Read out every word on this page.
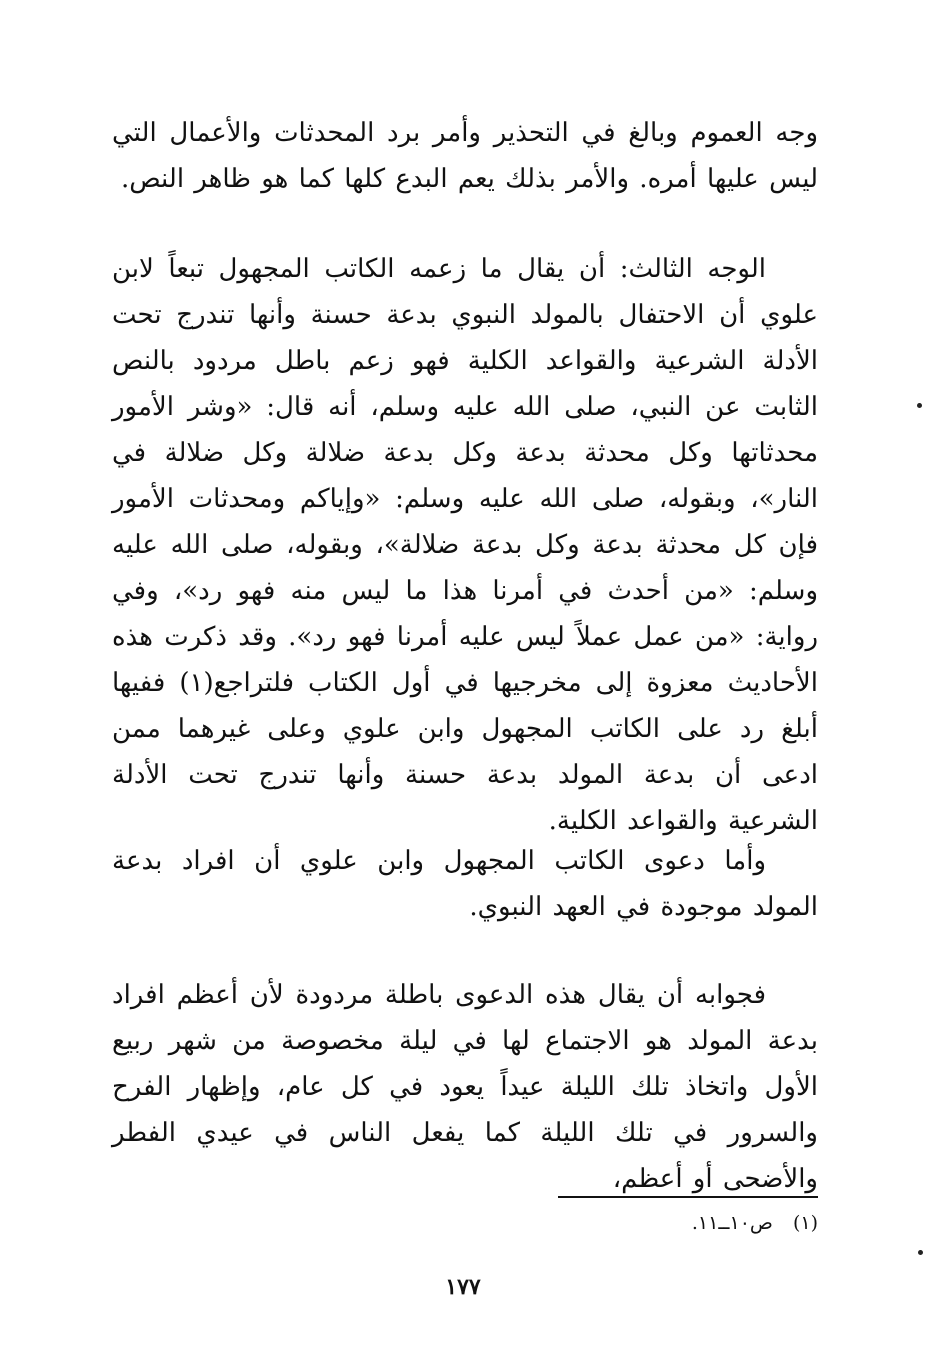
وجه العموم وبالغ في التحذير وأمر برد المحدثات والأعمال التي ليس عليها أمره. والأمر بذلك يعم البدع كلها كما هو ظاهر النص.

الوجه الثالث: أن يقال ما زعمه الكاتب المجهول تبعاً لابن علوي أن الاحتفال بالمولد النبوي بدعة حسنة وأنها تندرج تحت الأدلة الشرعية والقواعد الكلية فهو زعم باطل مردود بالنص الثابت عن النبي، صلى الله عليه وسلم، أنه قال: «وشر الأمور محدثاتها وكل محدثة بدعة وكل بدعة ضلالة وكل ضلالة في النار»، وبقوله، صلى الله عليه وسلم: «وإياكم ومحدثات الأمور فإن كل محدثة بدعة وكل بدعة ضلالة»، وبقوله، صلى الله عليه وسلم: «من أحدث في أمرنا هذا ما ليس منه فهو رد»، وفي رواية: «من عمل عملاً ليس عليه أمرنا فهو رد». وقد ذكرت هذه الأحاديث معزوة إلى مخرجيها في أول الكتاب فلتراجع(١) ففيها أبلغ رد على الكاتب المجهول وابن علوي وعلى غيرهما ممن ادعى أن بدعة المولد بدعة حسنة وأنها تندرج تحت الأدلة الشرعية والقواعد الكلية.

وأما دعوى الكاتب المجهول وابن علوي أن افراد بدعة المولد موجودة في العهد النبوي.

فجوابه أن يقال هذه الدعوى باطلة مردودة لأن أعظم افراد بدعة المولد هو الاجتماع لها في ليلة مخصوصة من شهر ربيع الأول واتخاذ تلك الليلة عيداً يعود في كل عام، وإظهار الفرح والسرور في تلك الليلة كما يفعل الناس في عيدي الفطر والأضحى أو أعظم،

(١) ص١٠ــ١١.

١٧٧
